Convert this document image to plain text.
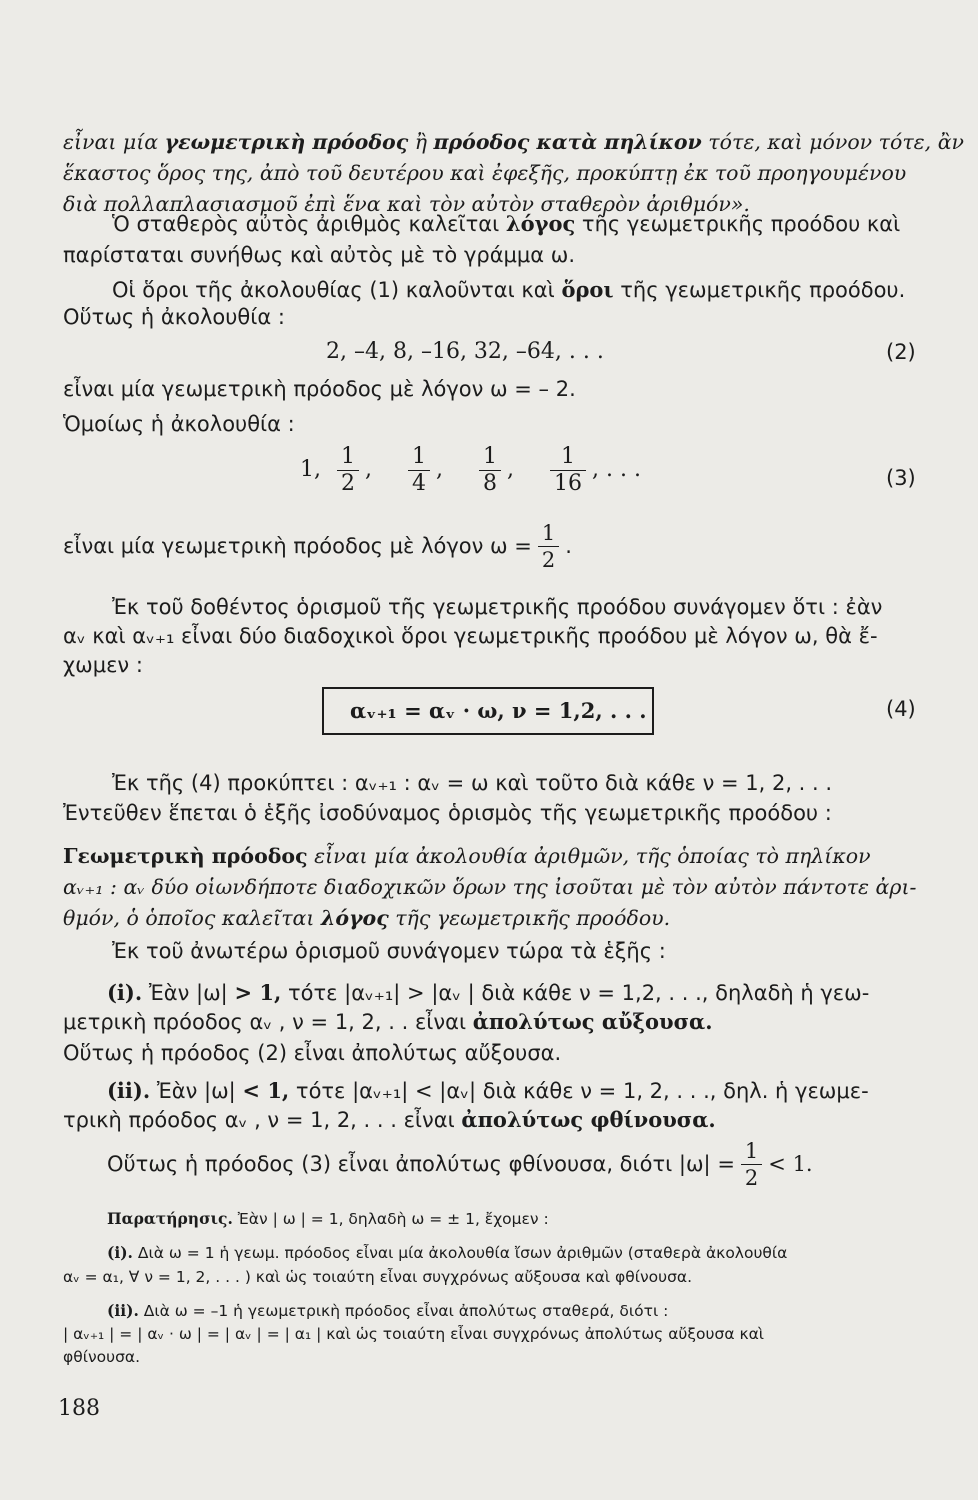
εἶναι μία γεωμετρικὴ πρόοδος ἢ πρόοδος κατὰ πηλίκον τότε, καὶ μόνον τότε, ἂν
ἕκαστος ὅρος της, ἀπὸ τοῦ δευτέρου καὶ ἐφεξῆς, προκύπτῃ ἐκ τοῦ προηγουμένου
διὰ πολλαπλασιασμοῦ ἐπὶ ἕνα καὶ τὸν αὐτὸν σταθερὸν ἀριθμόν».
Ὁ σταθερὸς αὐτὸς ἀριθμὸς καλεῖται λόγος τῆς γεωμετρικῆς προόδου καὶ
παρίσταται συνήθως καὶ αὐτὸς μὲ τὸ γράμμα ω.
Οἱ ὅροι τῆς ἀκολουθίας (1) καλοῦνται καὶ ὅροι τῆς γεωμετρικῆς προόδου.
Οὕτως ἡ ἀκολουθία :
2, –4, 8, –16, 32, –64, . . .	(2)
εἶναι μία γεωμετρικὴ πρόοδος μὲ λόγον ω = – 2.
Ὁμοίως ἡ ἀκολουθία :
1, $\frac{1}{2}$ , $\frac{1}{4}$ , $\frac{1}{8}$ , $\frac{1}{16}$ , . . .	(3)
εἶναι μία γεωμετρικὴ πρόοδος μὲ λόγον $\omega = \frac{1}{2}$ .
Ἐκ τοῦ δοθέντος ὁρισμοῦ τῆς γεωμετρικῆς προόδου συνάγομεν ὅτι : ἐὰν
αᵥ καὶ αᵥ₊₁ εἶναι δύο διαδοχικοὶ ὅροι γεωμετρικῆς προόδου μὲ λόγον ω, θὰ ἔ-
χωμεν :
αᵥ₊₁ = αᵥ · ω, ν = 1,2, . . .	(4)
Ἐκ τῆς (4) προκύπτει : αᵥ₊₁ : αᵥ = ω καὶ τοῦτο διὰ κάθε ν = 1, 2, . . .
Ἐντεῦθεν ἕπεται ὁ ἑξῆς ἰσοδύναμος ὁρισμὸς τῆς γεωμετρικῆς προόδου :
Γεωμετρικὴ πρόοδος εἶναι μία ἀκολουθία ἀριθμῶν, τῆς ὁποίας τὸ πηλίκον
αᵥ₊₁ : αᵥ δύο οἱωνδήποτε διαδοχικῶν ὅρων της ἰσοῦται μὲ τὸν αὐτὸν πάντοτε ἀρι-
θμόν, ὁ ὁποῖος καλεῖται λόγος τῆς γεωμετρικῆς προόδου.
Ἐκ τοῦ ἀνωτέρω ὁρισμοῦ συνάγομεν τώρα τὰ ἑξῆς :
(i). Ἐὰν |ω| > 1, τότε |αᵥ₊₁| > |αᵥ | διὰ κάθε ν = 1,2, . . ., δηλαδὴ ἡ γεω-
μετρικὴ πρόοδος αᵥ , ν = 1, 2, . . εἶναι ἀπολύτως αὔξουσα.
Οὕτως ἡ πρόοδος (2) εἶναι ἀπολύτως αὔξουσα.
(ii). Ἐὰν |ω| < 1, τότε |αᵥ₊₁| < |αᵥ| διὰ κάθε ν = 1, 2, . . ., δηλ. ἡ γεωμε-
τρικὴ πρόοδος αᵥ , ν = 1, 2, . . . εἶναι ἀπολύτως φθίνουσα.
Οὕτως ἡ πρόοδος (3) εἶναι ἀπολύτως φθίνουσα, διότι $|\omega| = \frac{1}{2} < 1$.
Παρατήρησις. Ἐὰν | ω | = 1, δηλαδὴ ω = ± 1, ἔχομεν :
(i). Διὰ ω = 1 ἡ γεωμ. πρόοδος εἶναι μία ἀκολουθία ἴσων ἀριθμῶν (σταθερὰ ἀκολουθία
αᵥ = α₁, ∀ ν = 1, 2, . . . ) καὶ ὡς τοιαύτη εἶναι συγχρόνως αὔξουσα καὶ φθίνουσα.
(ii). Διὰ ω = –1 ἡ γεωμετρικὴ πρόοδος εἶναι ἀπολύτως σταθερά, διότι :
| αᵥ₊₁ | = | αᵥ · ω | = | αᵥ | = | α₁ | καὶ ὡς τοιαύτη εἶναι συγχρόνως ἀπολύτως αὔξουσα καὶ
φθίνουσα.
188
